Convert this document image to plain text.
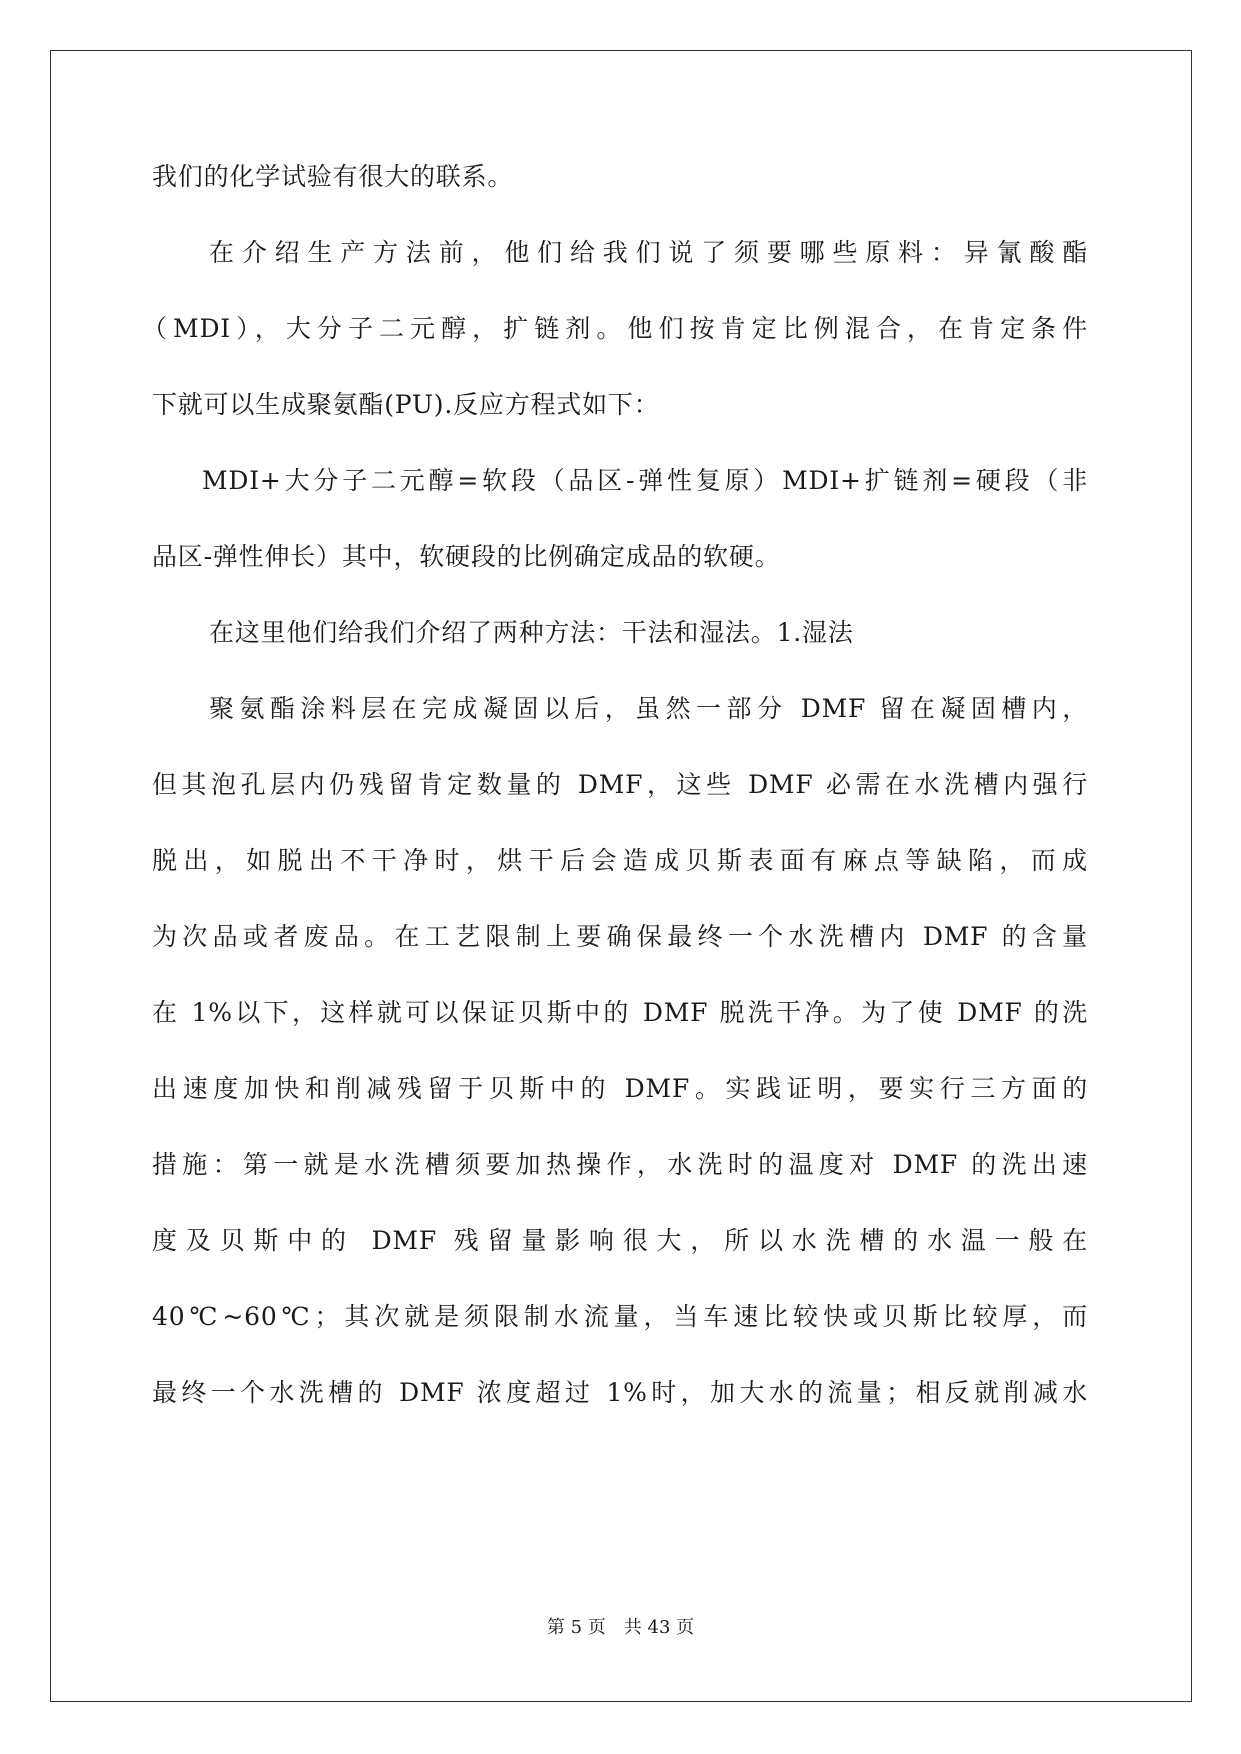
我们的化学试验有很大的联系。
在介绍生产方法前，他们给我们说了须要哪些原料：异氰酸酯
（MDI），大分子二元醇，扩链剂。他们按肯定比例混合，在肯定条件
下就可以生成聚氨酯(PU).反应方程式如下：
MDI+大分子二元醇=软段（品区-弹性复原）MDI+扩链剂=硬段（非
品区-弹性伸长）其中，软硬段的比例确定成品的软硬。
在这里他们给我们介绍了两种方法：干法和湿法。1.湿法
聚氨酯涂料层在完成凝固以后，虽然一部分 DMF 留在凝固槽内，
但其泡孔层内仍残留肯定数量的 DMF，这些 DMF 必需在水洗槽内强行
脱出，如脱出不干净时，烘干后会造成贝斯表面有麻点等缺陷，而成
为次品或者废品。在工艺限制上要确保最终一个水洗槽内 DMF 的含量
在 1%以下，这样就可以保证贝斯中的 DMF 脱洗干净。为了使 DMF 的洗
出速度加快和削减残留于贝斯中的 DMF。实践证明，要实行三方面的
措施：第一就是水洗槽须要加热操作，水洗时的温度对 DMF 的洗出速
度及贝斯中的 DMF 残留量影响很大，所以水洗槽的水温一般在
40℃~60℃；其次就是须限制水流量，当车速比较快或贝斯比较厚，而
最终一个水洗槽的 DMF 浓度超过 1%时，加大水的流量；相反就削减水
第 5 页　共 43 页
